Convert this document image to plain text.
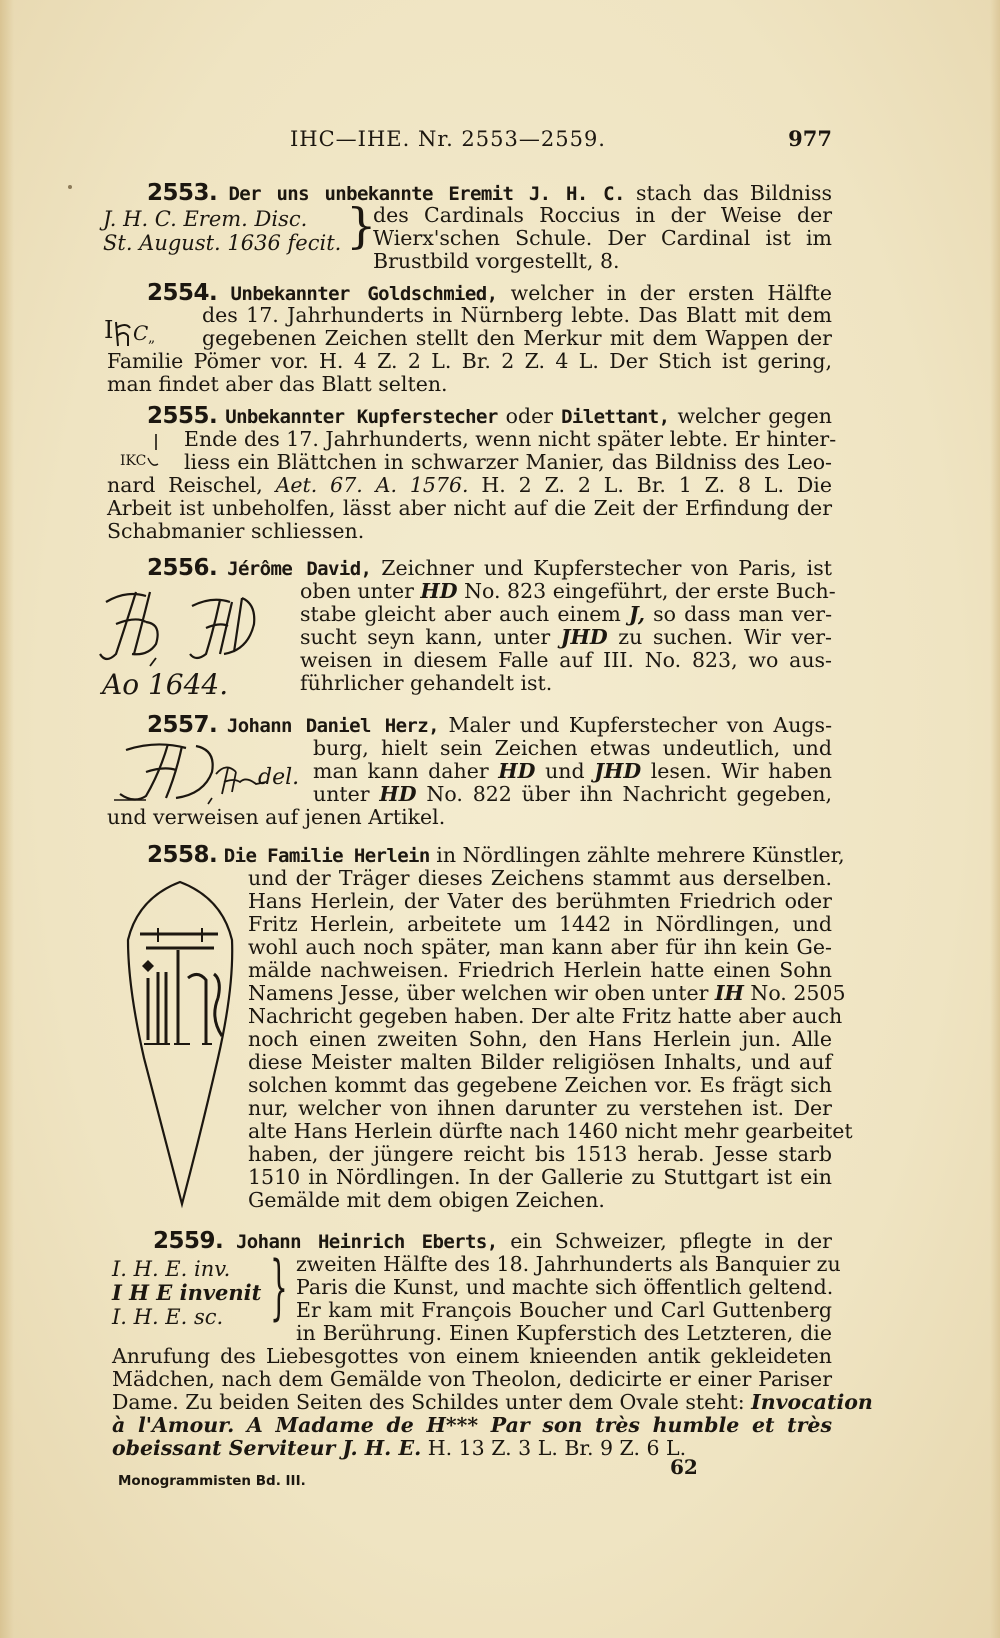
IHC—IHE. Nr. 2553—2559.	977
2553. Der uns unbekannte Eremit J. H. C. stach das Bildniss
J. H. C. Erem. Disc.
St. August. 1636 fecit. }
des Cardinals Roccius in der Weise der
Wierx'schen Schule. Der Cardinal ist im
Brustbild vorgestellt, 8.
2554. Unbekannter Goldschmied, welcher in der ersten Hälfte
I C „
des 17. Jahrhunderts in Nürnberg lebte. Das Blatt mit dem
gegebenen Zeichen stellt den Merkur mit dem Wappen der
Familie Pömer vor. H. 4 Z. 2 L. Br. 2 Z. 4 L. Der Stich ist gering,
man findet aber das Blatt selten.
2555. Unbekannter Kupferstecher oder Dilettant, welcher gegen
IKC
Ende des 17. Jahrhunderts, wenn nicht später lebte. Er hinter-
liess ein Blättchen in schwarzer Manier, das Bildniss des Leo-
nard Reischel, Aet. 67. A. 1576. H. 2 Z. 2 L. Br. 1 Z. 8 L. Die
Arbeit ist unbeholfen, lässt aber nicht auf die Zeit der Erfindung der
Schabmanier schliessen.
2556. Jérôme David, Zeichner und Kupferstecher von Paris, ist
Ao 1644.
oben unter HD No. 823 eingeführt, der erste Buch-
stabe gleicht aber auch einem J, so dass man ver-
sucht seyn kann, unter JHD zu suchen. Wir ver-
weisen in diesem Falle auf III. No. 823, wo aus-
führlicher gehandelt ist.
2557. Johann Daniel Herz, Maler und Kupferstecher von Augs-
del.
burg, hielt sein Zeichen etwas undeutlich, und
man kann daher HD und JHD lesen. Wir haben
unter HD No. 822 über ihn Nachricht gegeben,
und verweisen auf jenen Artikel.
2558. Die Familie Herlein in Nördlingen zählte mehrere Künstler,
und der Träger dieses Zeichens stammt aus derselben.
Hans Herlein, der Vater des berühmten Friedrich oder
Fritz Herlein, arbeitete um 1442 in Nördlingen, und
wohl auch noch später, man kann aber für ihn kein Ge-
mälde nachweisen. Friedrich Herlein hatte einen Sohn
Namens Jesse, über welchen wir oben unter IH No. 2505
Nachricht gegeben haben. Der alte Fritz hatte aber auch
noch einen zweiten Sohn, den Hans Herlein jun. Alle
diese Meister malten Bilder religiösen Inhalts, und auf
solchen kommt das gegebene Zeichen vor. Es frägt sich
nur, welcher von ihnen darunter zu verstehen ist. Der
alte Hans Herlein dürfte nach 1460 nicht mehr gearbeitet
haben, der jüngere reicht bis 1513 herab. Jesse starb
1510 in Nördlingen. In der Gallerie zu Stuttgart ist ein
Gemälde mit dem obigen Zeichen.
2559. Johann Heinrich Eberts, ein Schweizer, pflegte in der
I. H. E. inv.
I H E invenit
I. H. E. sc. } zweiten Hälfte des 18. Jahrhunderts als Banquier zu
Paris die Kunst, und machte sich öffentlich geltend.
Er kam mit François Boucher und Carl Guttenberg
in Berührung. Einen Kupferstich des Letzteren, die
Anrufung des Liebesgottes von einem knieenden antik gekleideten
Mädchen, nach dem Gemälde von Theolon, dedicirte er einer Pariser
Dame. Zu beiden Seiten des Schildes unter dem Ovale steht: Invocation
à l'Amour. A Madame de H*** Par son très humble et très
obeissant Serviteur J. H. E. H. 13 Z. 3 L. Br. 9 Z. 6 L.
Monogrammisten Bd. III.
62
